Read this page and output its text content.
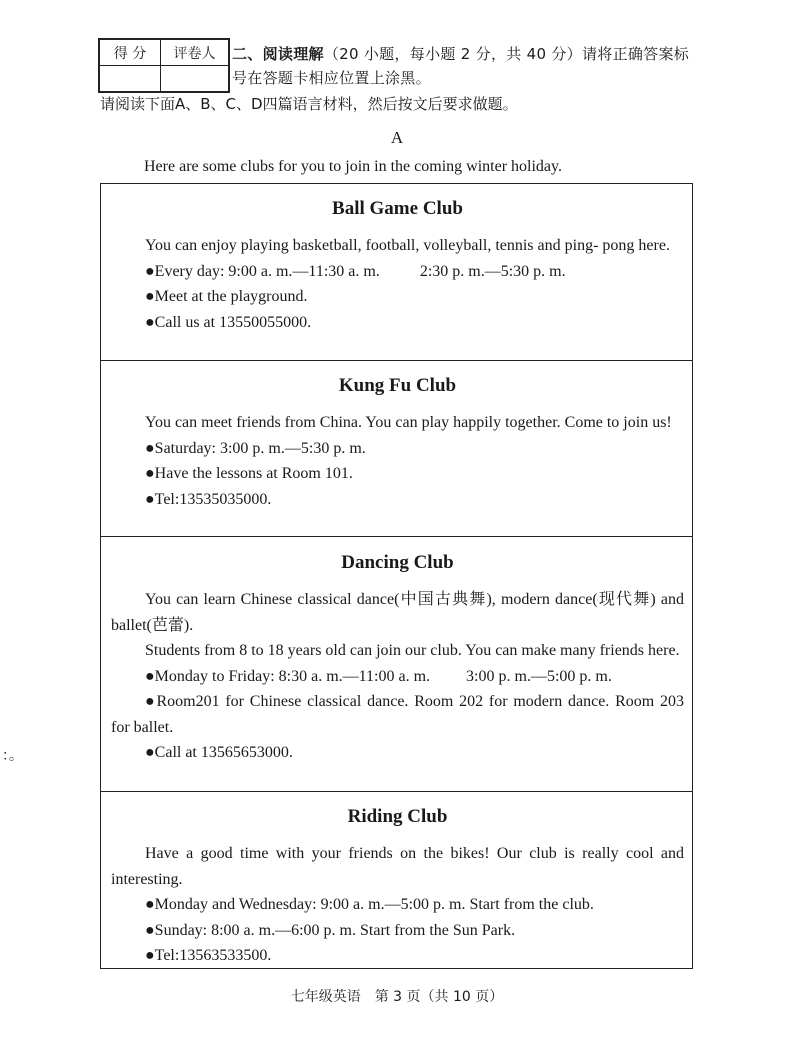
得 分	评卷人
	二、阅读理解（20 小题，每小题 2 分，共 40 分）请将正确答案标号在答题卡相应位置上涂黑。
请阅读下面A、B、C、D四篇语言材料，然后按文后要求做题。
A
Here are some clubs for you to join in the coming winter holiday.
Ball Game Club

You can enjoy playing basketball, football, volleyball, tennis and ping- pong here.

●Every day: 9:00 a. m.—11:30 a. m.	2:30 p. m.—5:30 p. m.
●Meet at the playground.
●Call us at 13550055000.
Kung Fu Club

You can meet friends from China. You can play happily together. Come to join us!

●Saturday: 3:00 p. m.—5:30 p. m.
●Have the lessons at Room 101.
●Tel:13535035000.
Dancing Club

You can learn Chinese classical dance(中国古典舞), modern dance(现代舞) and ballet(芭蕾).

Students from 8 to 18 years old can join our club. You can make many friends here.

●Monday to Friday: 8:30 a. m.—11:00 a. m. 3:00 p. m.—5:00 p. m.

●Room201 for Chinese classical dance. Room 202 for modern dance. Room 203 for ballet.

●Call at 13565653000.
Riding Club

Have a good time with your friends on the bikes! Our club is really cool and interesting.

●Monday and Wednesday: 9:00 a. m.—5:00 p. m. Start from the club.
●Sunday: 8:00 a. m.—6:00 p. m. Start from the Sun Park.
●Tel:13563533500.
：。
七年级英语　第 3 页（共 10 页）
